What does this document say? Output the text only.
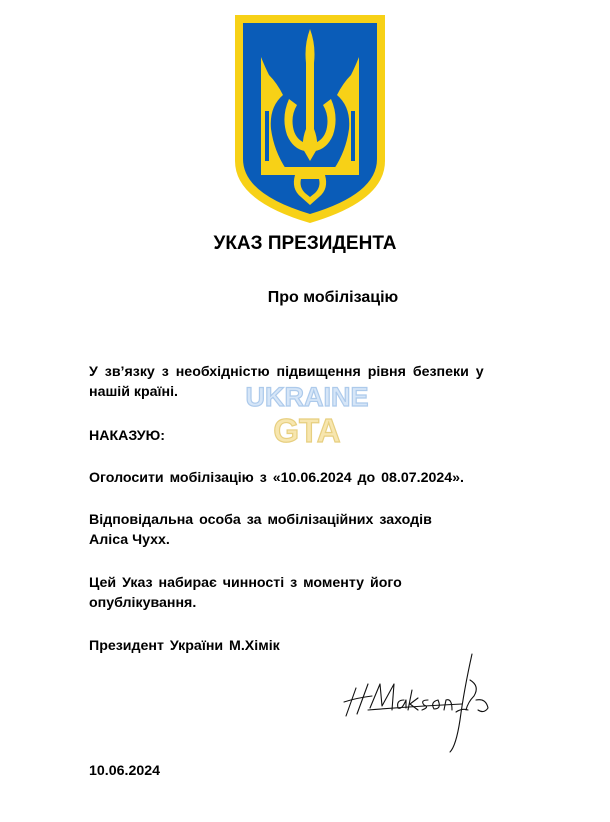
УКАЗ ПРЕЗИДЕНТА
Про мобілізацію

У зв’язку з необхідністю підвищення рівня безпеки у
нашій країні.

НАКАЗУЮ:

Оголосити мобілізацію з «10.06.2024 до 08.07.2024».

Відповідальна особа за мобілізаційних заходів
Аліса Чухх.

Цей Указ набирає чинності з моменту його
опублікування.

Президент України М.Хімік

UKRAINE
GTA

10.06.2024
